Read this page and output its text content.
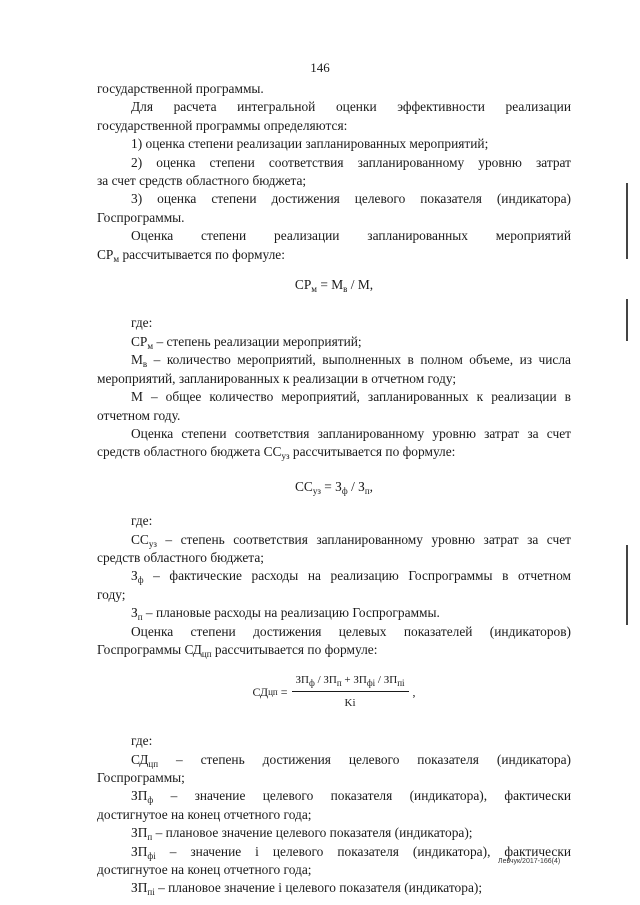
146

государственной программы.

Для расчета интегральной оценки эффективности реализации

государственной программы определяются:

1) оценка степени реализации запланированных мероприятий;

2) оценка степени соответствия запланированному уровню затрат

за счет средств областного бюджета;

3) оценка степени достижения целевого показателя (индикатора)

Госпрограммы.

Оценка степени реализации запланированных мероприятий

$СР_м$ рассчитывается по формуле:

$СР_м = М_в / М$,

где:

$СР_м$ – степень реализации мероприятий;

$М_в$ – количество мероприятий, выполненных в полном объеме, из числа

мероприятий, запланированных к реализации в отчетном году;

М – общее количество мероприятий, запланированных к реализации в

отчетном году.

Оценка степени соответствия запланированному уровню затрат за счет

средств областного бюджета $СС_{уз}$ рассчитывается по формуле:

$СС_{уз} = З_ф / З_п$,

где:

$СС_{уз}$ – степень соответствия запланированному уровню затрат за счет

средств областного бюджета;

$З_ф$ – фактические расходы на реализацию Госпрограммы в отчетном

году;

$З_п$ – плановые расходы на реализацию Госпрограммы.

Оценка степени достижения целевых показателей (индикаторов)

Госпрограммы $СД_{цп}$ рассчитывается по формуле:

СД цп = $\frac{ЗП_ф / ЗП_п + ЗП_{фi} / ЗП_{пi}}{Ki}$ ,

где:

$СД_{цп}$ – степень достижения целевого показателя (индикатора)

Госпрограммы;

$ЗП_ф$ – значение целевого показателя (индикатора), фактически

достигнутое на конец отчетного года;

$ЗП_п$ – плановое значение целевого показателя (индикатора);

$ЗП_{фi}$ – значение i целевого показателя (индикатора), фактически

достигнутое на конец отчетного года;

$ЗП_{пi}$ – плановое значение i целевого показателя (индикатора);

Левчук/2017-166(4)
